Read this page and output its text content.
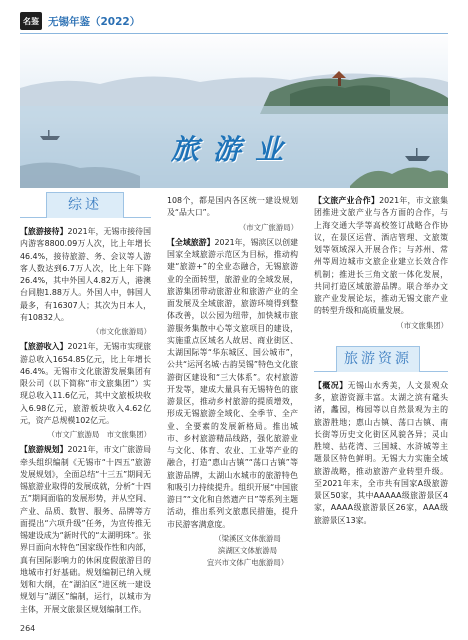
名鉴 无锡年鉴（2022）
旅游业
综述
【旅游接待】2021年，无锡市接待国内游客8800.09万人次，比上年增长46.4%，接待旅游、务、会议等人游客人数达到6.7万人次，比上年下降26.4%，其中外国人4.82万人，港澳台同胞1.88万人。外国人中，韩国人最多，有16307人；其次为日本人，有10832人。
（市文化旅游局）
【旅游收入】2021年，无锡市实现旅游总收入1654.85亿元，比上年增长46.4%。无锡市文化旅游发展集团有限公司（以下简称“市文旅集团”）实现总收入11.6亿元，其中文旅板块收入6.98亿元，旅游板块收入4.62亿元，资产总规模102亿元。
（市文广旅游局　市文旅集团）
【旅游规划】2021年，市文广旅游局牵头组织编制《无锡市“十四五”旅游发展规划》，全面总结“十三五”期间无锡旅游业取得的发展成就，分析“十四五”期间面临的发展形势，并从空间、产业、品质、数智、服务、品牌等方面提出“六项升级”任务，为宣传推无锡建设成为“新时代的“太湖明珠”。张界日面向水特色”国家级作性和内部，真有国际影响力的休闲度假旅游目的地城市打好基础。规划编制已纳入规划和大纲，在“湖泊区”进区统一建设规划与”湖区”编制，运行，以城市为主体，开展文旅景区规划编制工作。
108个，都是国内各区统一建设规划及“品大口”。
（市文广旅游局）
【全域旅游】2021年，锡滨区以创建国家全域旅游示范区为目标，推动构建“旅游+”的全业态融合，无锡旅游业的全面转型，旅游业的全域发展，旅游集团带动旅游业和旅游产业的全面发展及全域旅游，旅游环境得到整体改善，以公园为纽带，加快城市旅游服务集散中心等文旅项目的建设，实施重点区域名人故居、商业街区、太湖国际等“华东城区、国公城市”，公共“运河名城·古韵吴锡”特色文化旅游街区建设和“三大体系”。农村旅游开发等，建成大量具有无锡特色的旅游景区，推动乡村旅游的提质增效，形成无锡旅游全域化、全季节、全产业、全要素的发展新格局。推出城市、乡村旅游精品线路，强化旅游业与文化、体育、农业、工业等产业的融合，打造“惠山古镇”“荡口古镇”等旅游品牌，太湖山水城市的旅游特色和吸引力持续提升。组织开展“中国旅游日”“文化和自然遗产日”等系列主题活动，推出系列文旅惠民措施，提升市民游客满意度。
（梁溪区文体旅游局
滨湖区文体旅游局
宜兴市文体广电旅游局）
【文旅产业合作】2021年，市文旅集团推进文旅产业与各方面的合作，与上海交通大学等高校签订战略合作协议，在景区运营、酒店管理、文旅策划等领域深入开展合作；与苏州、常州等周边城市文旅企业建立长效合作机制；推进长三角文旅一体化发展，共同打造区域旅游品牌。联合举办文旅产业发展论坛，推动无锡文旅产业的转型升级和高质量发展。
（市文旅集团）
旅游资源
【概况】无锡山水秀美，人文景观众多，旅游资源丰富。太湖之滨有鼋头渚，蠡园，梅园等以自然景观为主的旅游胜地；惠山古镇、荡口古镇、南长街等历史文化街区风貌各异；灵山胜境、拈花湾、三国城、水浒城等主题景区特色鲜明。无锡大力实施全域旅游战略，推动旅游产业转型升级。至2021年末，全市共有国家A级旅游景区50家，其中AAAAA级旅游景区4家，AAAA级旅游景区26家，AAA级旅游景区13家。
264
